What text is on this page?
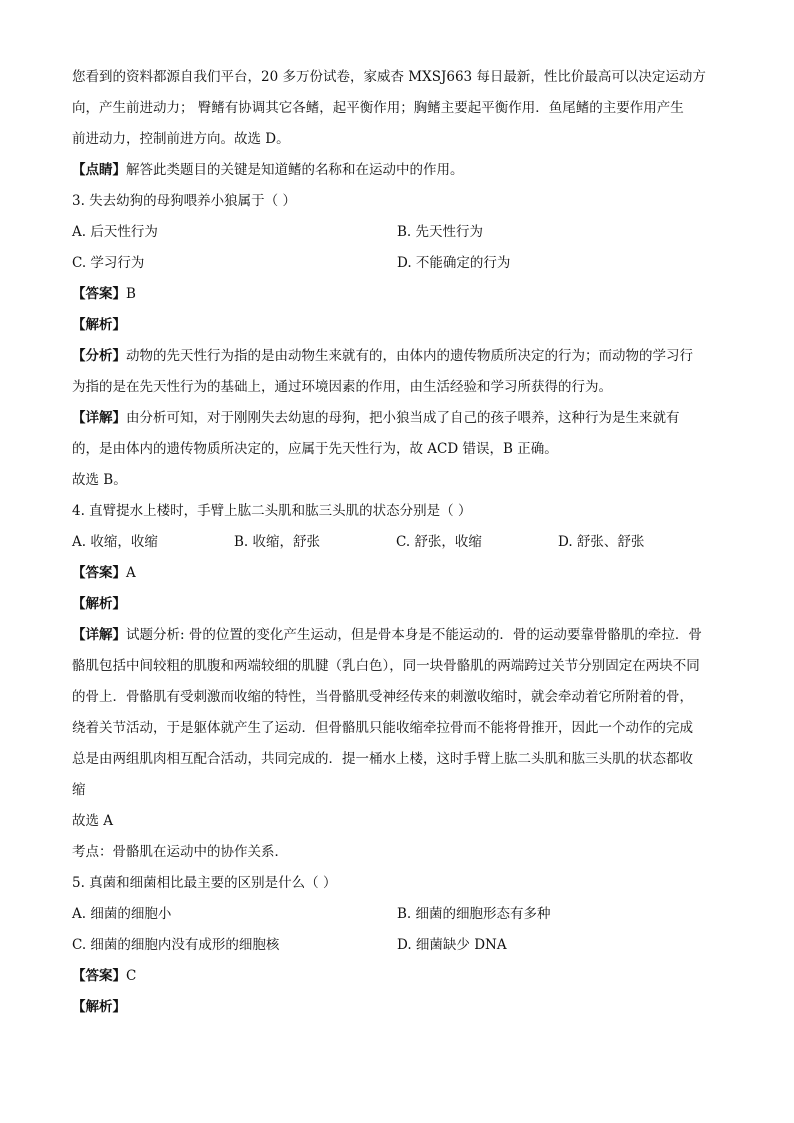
您看到的资料都源自我们平台，20 多万份试卷，家威杏 MXSJ663 每日最新，性比价最高可以决定运动方
向，产生前进动力； 臀鳍有协调其它各鳍，起平衡作用；胸鳍主要起平衡作用．鱼尾鳍的主要作用产生
前进动力，控制前进方向。故选 D。
【点睛】解答此类题目的关键是知道鳍的名称和在运动中的作用。
3. 失去幼狗的母狗喂养小狼属于（ ）
A. 后天性行为	B. 先天性行为
C. 学习行为	D. 不能确定的行为
【答案】B
【解析】
【分析】动物的先天性行为指的是由动物生来就有的，由体内的遗传物质所决定的行为；而动物的学习行
为指的是在先天性行为的基础上，通过环境因素的作用，由生活经验和学习所获得的行为。
【详解】由分析可知，对于刚刚失去幼崽的母狗，把小狼当成了自己的孩子喂养，这种行为是生来就有
的，是由体内的遗传物质所决定的，应属于先天性行为，故 ACD 错误，B 正确。
故选 B。
4. 直臂提水上楼时，手臂上肱二头肌和肱三头肌的状态分别是（ ）
A. 收缩，收缩	B. 收缩，舒张	C. 舒张，收缩	D. 舒张、舒张
【答案】A
【解析】
【详解】试题分析: 骨的位置的变化产生运动，但是骨本身是不能运动的．骨的运动要靠骨骼肌的牵拉．骨
骼肌包括中间较粗的肌腹和两端较细的肌腱（乳白色），同一块骨骼肌的两端跨过关节分别固定在两块不同
的骨上．骨骼肌有受刺激而收缩的特性，当骨骼肌受神经传来的刺激收缩时，就会牵动着它所附着的骨，
绕着关节活动，于是躯体就产生了运动．但骨骼肌只能收缩牵拉骨而不能将骨推开，因此一个动作的完成
总是由两组肌肉相互配合活动，共同完成的．提一桶水上楼，这时手臂上肱二头肌和肱三头肌的状态都收
缩
故选 A
考点：骨骼肌在运动中的协作关系．
5. 真菌和细菌相比最主要的区别是什么（ ）
A. 细菌的细胞小	B. 细菌的细胞形态有多种
C. 细菌的细胞内没有成形的细胞核	D. 细菌缺少 DNA
【答案】C
【解析】
